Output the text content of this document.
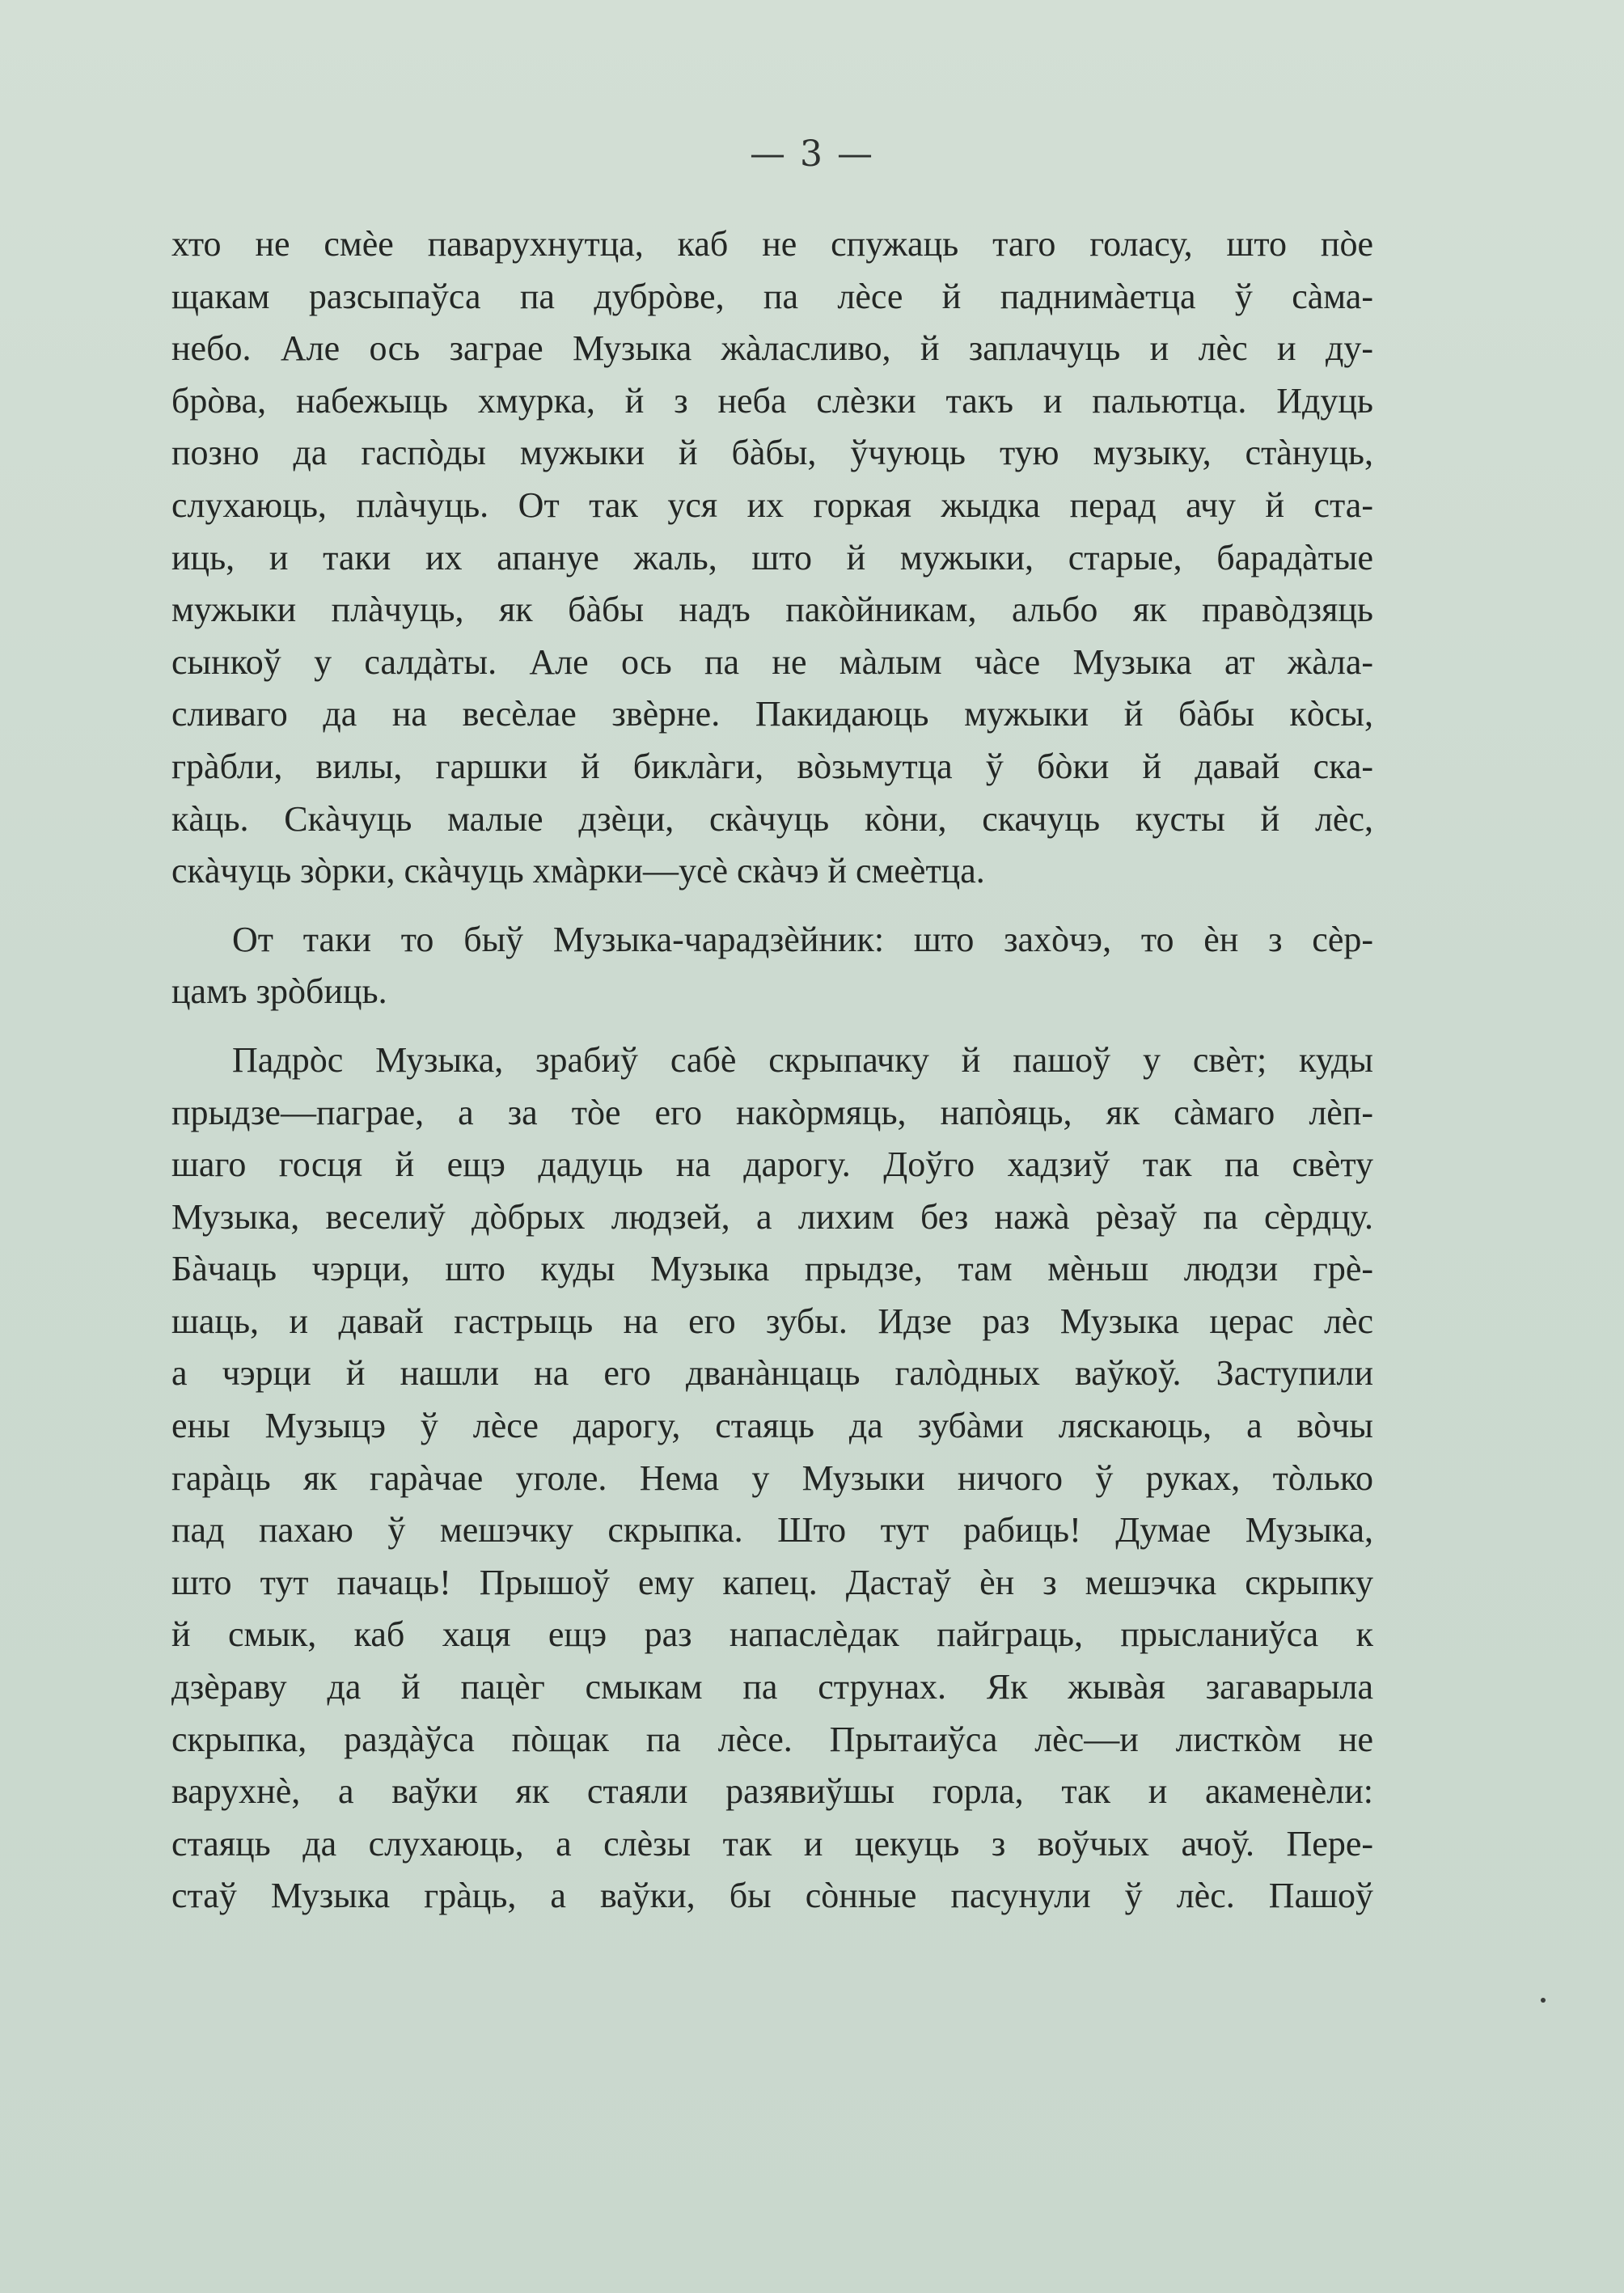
— 3 —
хто не смѐе паварухнутца, каб не спужаць таго голасу, што пòе
щакам разсыпаўса па дубрòве, па лѐсе й паднимàетца ў сàма-
небо. Але ось заграе Музыка жàласливо, й заплачуць и лѐс и ду-
брòва, набежыць хмурка, й з неба слѐзки такъ и пальютца. Идуць
позно да гаспòды мужыки й бàбы, ўчуюць тую музыку, стàнуць,
слухаюць, плàчуць. От так уся их горкая жыдка перад ачу й ста-
иць, и таки их апануе жаль, што й мужыки, старые, барадàтые
мужыки плàчуць, як бàбы надъ пакòйникам, альбо як правòдзяць
сынкоў у салдàты. Але ось па не мàлым чàсе Музыка ат жàла-
сливаго да на весѐлае звѐрне. Пакидаюць мужыки й бàбы кòсы,
грàбли, вилы, гаршки й биклàги, вòзьмутца ў бòки й давай ска-
кàць. Скàчуць малые дзѐци, скàчуць кòни, скачуць кусты й лѐс,
скàчуць зòрки, скàчуць хмàрки—усѐ скàчэ й смеѐтца.
От таки то быў Музыка-чарадзѐйник: што захòчэ, то ѐн з сѐр-
цамъ зрòбиць.
Падрòс Музыка, зрабиў сабѐ скрыпачку й пашоў у свѐт; куды
прыдзе—паграе, а за тòе его накòрмяць, напòяць, як сàмаго лѐп-
шаго госця й ещэ дадуць на дарогу. Доўго хадзиў так па свѐту
Музыка, веселиў дòбрых людзей, а лихим без нажà рѐзаў па сѐрдцу.
Бàчаць чэрци, што куды Музыка прыдзе, там мѐньш людзи грѐ-
шаць, и давай гастрыць на его зубы. Идзе раз Музыка церас лѐс
а чэрци й нашли на его дванàнцаць галòдных ваўкоў. Заступили
ены Музыцэ ў лѐсе дарогу, стаяць да зубàми ляскаюць, а вòчы
гарàць як гарàчае уголе. Нема у Музыки ничого ў руках, тòлько
пад пахаю ў мешэчку скрыпка. Што тут рабиць! Думае Музыка,
што тут пачаць! Прышоў ему капец. Дастаў ѐн з мешэчка скрыпку
й смык, каб хаця ещэ раз напаслѐдак пайграць, прысланиўса к
дзѐраву да й пацѐг смыкам па струнах. Як жывàя загаварыла
скрыпка, раздàўса пòщак па лѐсе. Прытаиўса лѐс—и листкòм не
варухнѐ, а ваўки як стаяли разявиўшы горла, так и акаменѐли:
стаяць да слухаюць, а слѐзы так и цекуць з воўчых ачоў. Пере-
стаў Музыка грàць, а ваўки, бы сòнные пасунули ў лѐс. Пашоў
